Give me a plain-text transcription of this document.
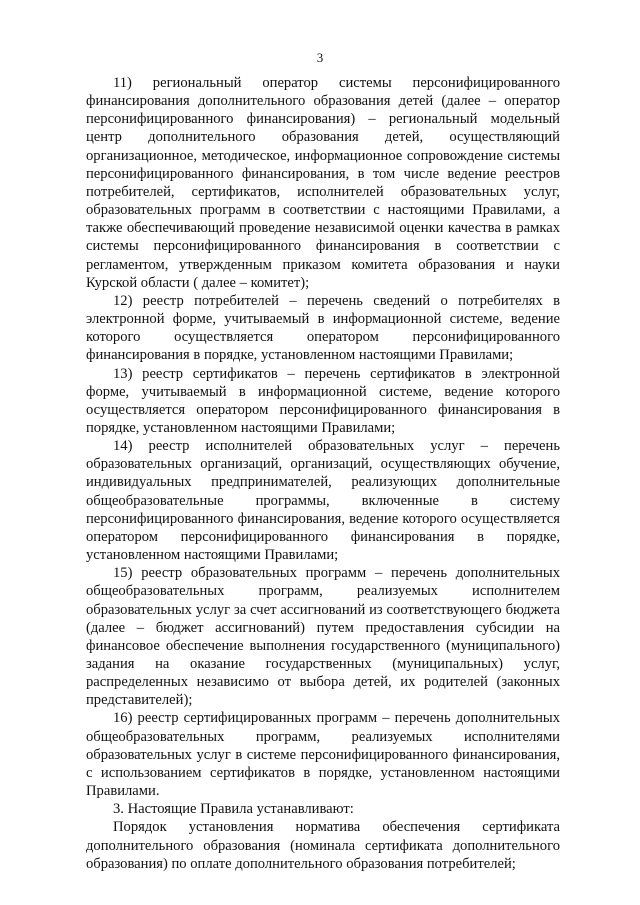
3

11) региональный оператор системы персонифицированного финансирования дополнительного образования детей (далее – оператор персонифицированного финансирования) – региональный модельный центр дополнительного образования детей, осуществляющий организационное, методическое, информационное сопровождение системы персонифицированного финансирования, в том числе ведение реестров потребителей, сертификатов, исполнителей образовательных услуг, образовательных программ в соответствии с настоящими Правилами, а также обеспечивающий проведение независимой оценки качества в рамках системы персонифицированного финансирования в соответствии с регламентом, утвержденным приказом комитета образования и науки Курской области ( далее – комитет);

12) реестр потребителей – перечень сведений о потребителях в электронной форме, учитываемый в информационной системе, ведение которого осуществляется оператором персонифицированного финансирования в порядке, установленном настоящими Правилами;

13) реестр сертификатов – перечень сертификатов в электронной форме, учитываемый в информационной системе, ведение которого осуществляется оператором персонифицированного финансирования в порядке, установленном настоящими Правилами;

14) реестр исполнителей образовательных услуг – перечень образовательных организаций, организаций, осуществляющих обучение, индивидуальных предпринимателей, реализующих дополнительные общеобразовательные программы, включенные в систему персонифицированного финансирования, ведение которого осуществляется оператором персонифицированного финансирования в порядке, установленном настоящими Правилами;

15) реестр образовательных программ – перечень дополнительных общеобразовательных программ, реализуемых исполнителем образовательных услуг за счет ассигнований из соответствующего бюджета (далее – бюджет ассигнований) путем предоставления субсидии на финансовое обеспечение выполнения государственного (муниципального) задания на оказание государственных (муниципальных) услуг, распределенных независимо от выбора детей, их родителей (законных представителей);

16) реестр сертифицированных программ – перечень дополнительных общеобразовательных программ, реализуемых исполнителями образовательных услуг в системе персонифицированного финансирования, с использованием сертификатов в порядке, установленном настоящими Правилами.

3. Настоящие Правила устанавливают:

Порядок установления норматива обеспечения сертификата дополнительного образования (номинала сертификата дополнительного образования) по оплате дополнительного образования потребителей;
